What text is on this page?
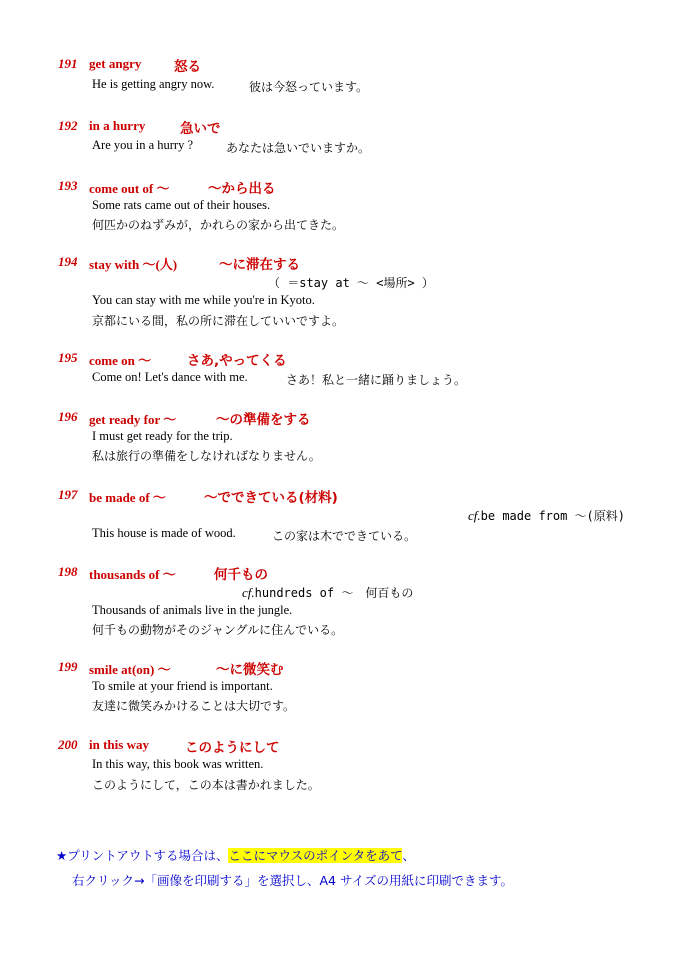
191 get angry 怒る
He is getting angry now.	彼は今怒っています。
192 in a hurry	急いで
Are you in a hurry ?	あなたは急いでいますか。
193 come out of ～	～から出る
Some rats came out of their houses.
何匹かのねずみが，かれらの家から出てきた。
194 stay with ～(人)	～に滞在する
（ ＝stay at ～ <場所> ）
You can stay with me while you're in Kyoto.
京都にいる間，私の所に滞在していいですよ。
195 come on ～	さあ,やってくる
Come on! Let's dance with me.	さあ！私と一緒に踊りましょう。
196 get ready for ～	～の準備をする
I must get ready for the trip.
私は旅行の準備をしなければなりません。
197 be made of ～	～でできている(材料)
cf.be made from ～(原料)
This house is made of wood.	この家は木でできている。
198 thousands of ～	何千もの
cf.hundreds of ～　何百もの
Thousands of animals live in the jungle.
何千もの動物がそのジャングルに住んでいる。
199 smile at(on) ～	～に微笑む
To smile at your friend is important.
友達に微笑みかけることは大切です。
200 in this way	このようにして
In this way, this book was written.
このようにして，この本は書かれました。
★プリントアウトする場合は、ここにマウスのポインタをあて、
右クリック→「画像を印刷する」を選択し、A4 サイズの用紙に印刷できます。
